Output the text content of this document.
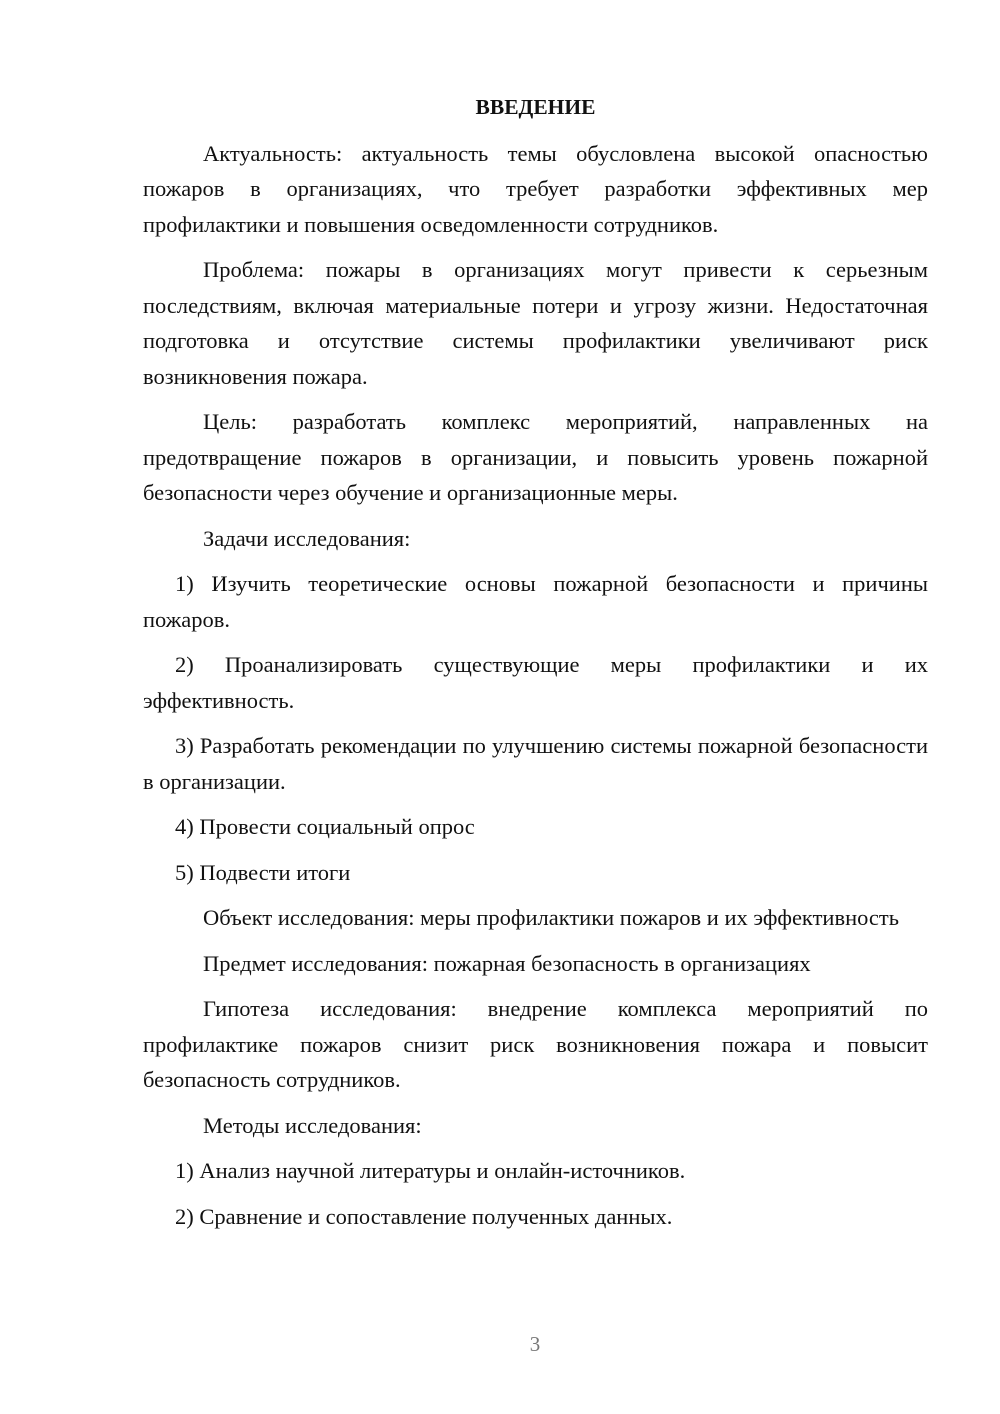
ВВЕДЕНИЕ

Актуальность: актуальность темы обусловлена высокой опасностью пожаров в организациях, что требует разработки эффективных мер профилактики и повышения осведомленности сотрудников.

Проблема: пожары в организациях могут привести к серьезным последствиям, включая материальные потери и угрозу жизни. Недостаточная подготовка и отсутствие системы профилактики увеличивают риск возникновения пожара.

Цель: разработать комплекс мероприятий, направленных на предотвращение пожаров в организации, и повысить уровень пожарной безопасности через обучение и организационные меры.

Задачи исследования:

1) Изучить теоретические основы пожарной безопасности и причины пожаров.

2) Проанализировать существующие меры профилактики и их эффективность.

3) Разработать рекомендации по улучшению системы пожарной безопасности в организации.

4) Провести социальный опрос

5) Подвести итоги

Объект исследования: меры профилактики пожаров и их эффективность

Предмет исследования: пожарная безопасность в организациях

Гипотеза исследования: внедрение комплекса мероприятий по профилактике пожаров снизит риск возникновения пожара и повысит безопасность сотрудников.

Методы исследования:

1) Анализ научной литературы и онлайн-источников.

2) Сравнение и сопоставление полученных данных.

3
